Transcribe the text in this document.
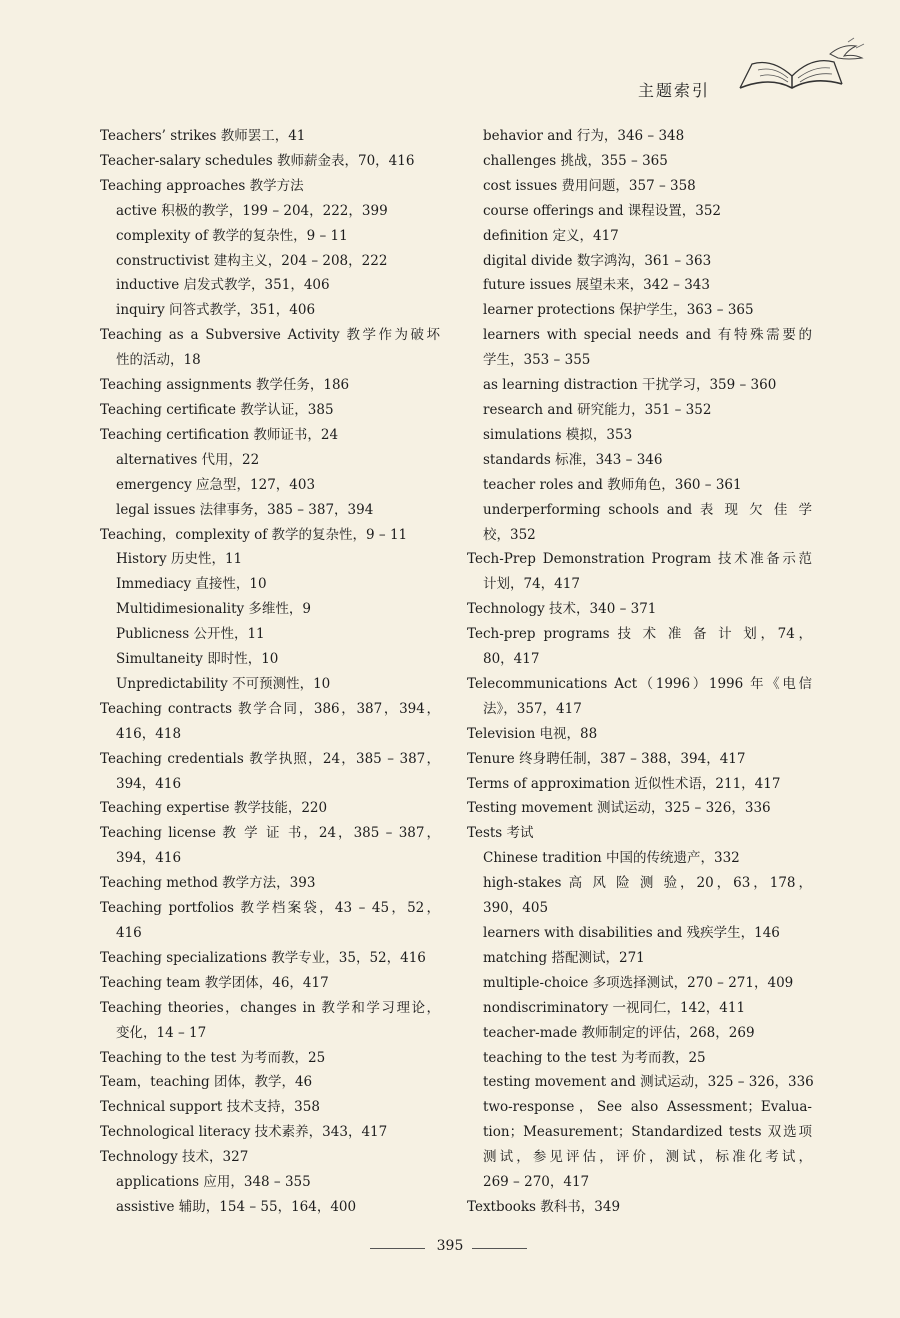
主题索引
Teachers’ strikes 教师罢工，41
Teacher-salary schedules 教师薪金表，70，416
Teaching approaches 教学方法
active 积极的教学，199 – 204，222，399
complexity of 教学的复杂性，9 – 11
constructivist 建构主义，204 – 208，222
inductive 启发式教学，351，406
inquiry 问答式教学，351，406
Teaching as a Subversive Activity 教学作为破坏
性的活动，18
Teaching assignments 教学任务，186
Teaching certificate 教学认证，385
Teaching certification 教师证书，24
alternatives 代用，22
emergency 应急型，127，403
legal issues 法律事务，385 – 387，394
Teaching，complexity of 教学的复杂性，9 – 11
History 历史性，11
Immediacy 直接性，10
Multidimesionality 多维性，9
Publicness 公开性，11
Simultaneity 即时性，10
Unpredictability 不可预测性，10
Teaching contracts 教学合同，386，387，394，
416，418
Teaching credentials 教学执照，24，385 – 387，
394，416
Teaching expertise 教学技能，220
Teaching license 教 学 证 书，24，385 – 387，
394，416
Teaching method 教学方法，393
Teaching portfolios 教学档案袋，43 – 45，52，
416
Teaching specializations 教学专业，35，52，416
Teaching team 教学团体，46，417
Teaching theories，changes in 教学和学习理论，
变化，14 – 17
Teaching to the test 为考而教，25
Team，teaching 团体，教学，46
Technical support 技术支持，358
Technological literacy 技术素养，343，417
Technology 技术，327
applications 应用，348 – 355
assistive 辅助，154 – 55，164，400
behavior and 行为，346 – 348
challenges 挑战，355 – 365
cost issues 费用问题，357 – 358
course offerings and 课程设置，352
definition 定义，417
digital divide 数字鸿沟，361 – 363
future issues 展望未来，342 – 343
learner protections 保护学生，363 – 365
learners with special needs and 有特殊需要的
学生，353 – 355
as learning distraction 干扰学习，359 – 360
research and 研究能力，351 – 352
simulations 模拟，353
standards 标准，343 – 346
teacher roles and 教师角色，360 – 361
underperforming schools and 表 现 欠 佳 学
校，352
Tech-Prep Demonstration Program 技术准备示范
计划，74，417
Technology 技术，340 – 371
Tech-prep programs 技 术 准 备 计 划，74，
80，417
Telecommunications Act（1996）1996 年《电信
法》，357，417
Television 电视，88
Tenure 终身聘任制，387 – 388，394，417
Terms of approximation 近似性术语，211，417
Testing movement 测试运动，325 – 326，336
Tests 考试
Chinese tradition 中国的传统遗产，332
high-stakes 高 风 险 测 验，20，63，178，
390，405
learners with disabilities and 残疾学生，146
matching 搭配测试，271
multiple-choice 多项选择测试，270 – 271，409
nondiscriminatory 一视同仁，142，411
teacher-made 教师制定的评估，268，269
teaching to the test 为考而教，25
testing movement and 测试运动，325 – 326，336
two-response，See also Assessment；Evalua-
tion；Measurement；Standardized tests 双选项
测试，参见评估，评价，测试，标准化考试，
269 – 270，417
Textbooks 教科书，349
395
